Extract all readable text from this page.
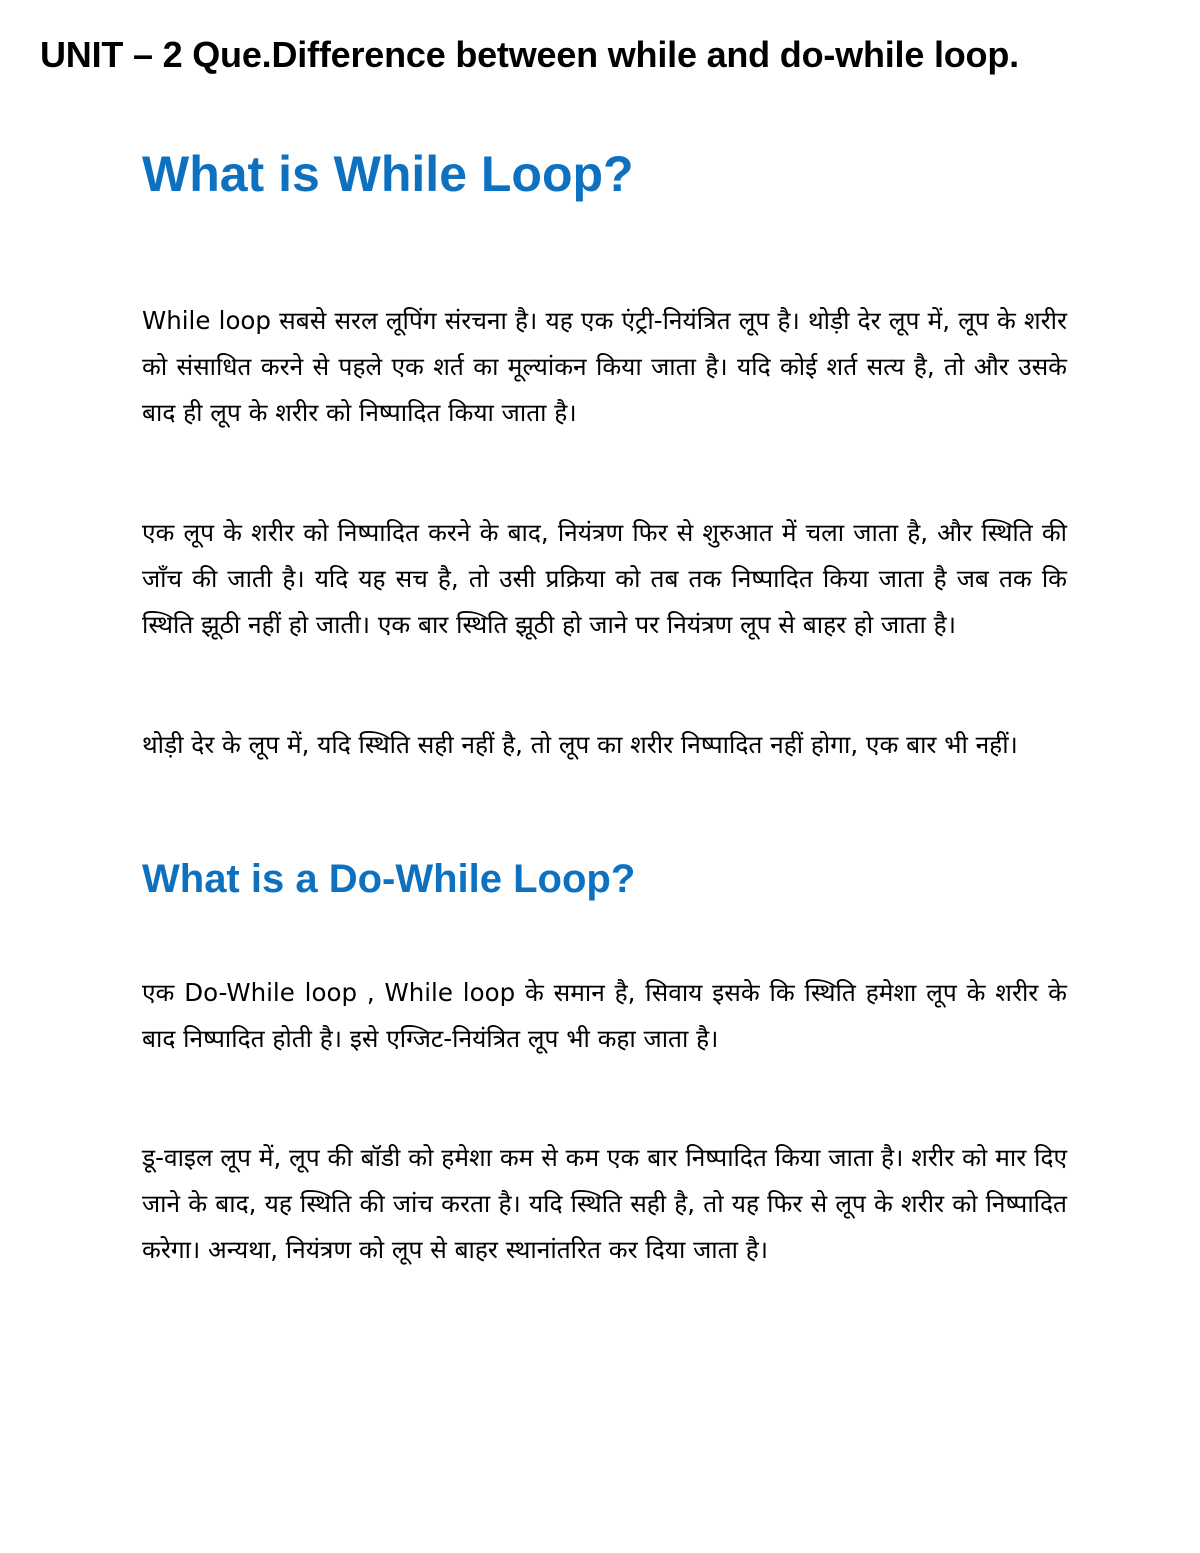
UNIT – 2 Que.Difference between while and do-while loop.
What is While Loop?

While loop सबसे सरल लूपिंग संरचना है। यह एक एंट्री-नियंत्रित लूप है। थोड़ी देर लूप में, लूप के शरीर को संसाधित करने से पहले एक शर्त का मूल्यांकन किया जाता है। यदि कोई शर्त सत्य है, तो और उसके बाद ही लूप के शरीर को निष्पादित किया जाता है।

एक लूप के शरीर को निष्पादित करने के बाद, नियंत्रण फिर से शुरुआत में चला जाता है, और स्थिति की जाँच की जाती है। यदि यह सच है, तो उसी प्रक्रिया को तब तक निष्पादित किया जाता है जब तक कि स्थिति झूठी नहीं हो जाती। एक बार स्थिति झूठी हो जाने पर नियंत्रण लूप से बाहर हो जाता है।

थोड़ी देर के लूप में, यदि स्थिति सही नहीं है, तो लूप का शरीर निष्पादित नहीं होगा, एक बार भी नहीं।

What is a Do-While Loop?

एक Do-While loop , While loop के समान है, सिवाय इसके कि स्थिति हमेशा लूप के शरीर के बाद निष्पादित होती है। इसे एग्जिट-नियंत्रित लूप भी कहा जाता है।

डू-वाइल लूप में, लूप की बॉडी को हमेशा कम से कम एक बार निष्पादित किया जाता है। शरीर को मार दिए जाने के बाद, यह स्थिति की जांच करता है। यदि स्थिति सही है, तो यह फिर से लूप के शरीर को निष्पादित करेगा। अन्यथा, नियंत्रण को लूप से बाहर स्थानांतरित कर दिया जाता है।
